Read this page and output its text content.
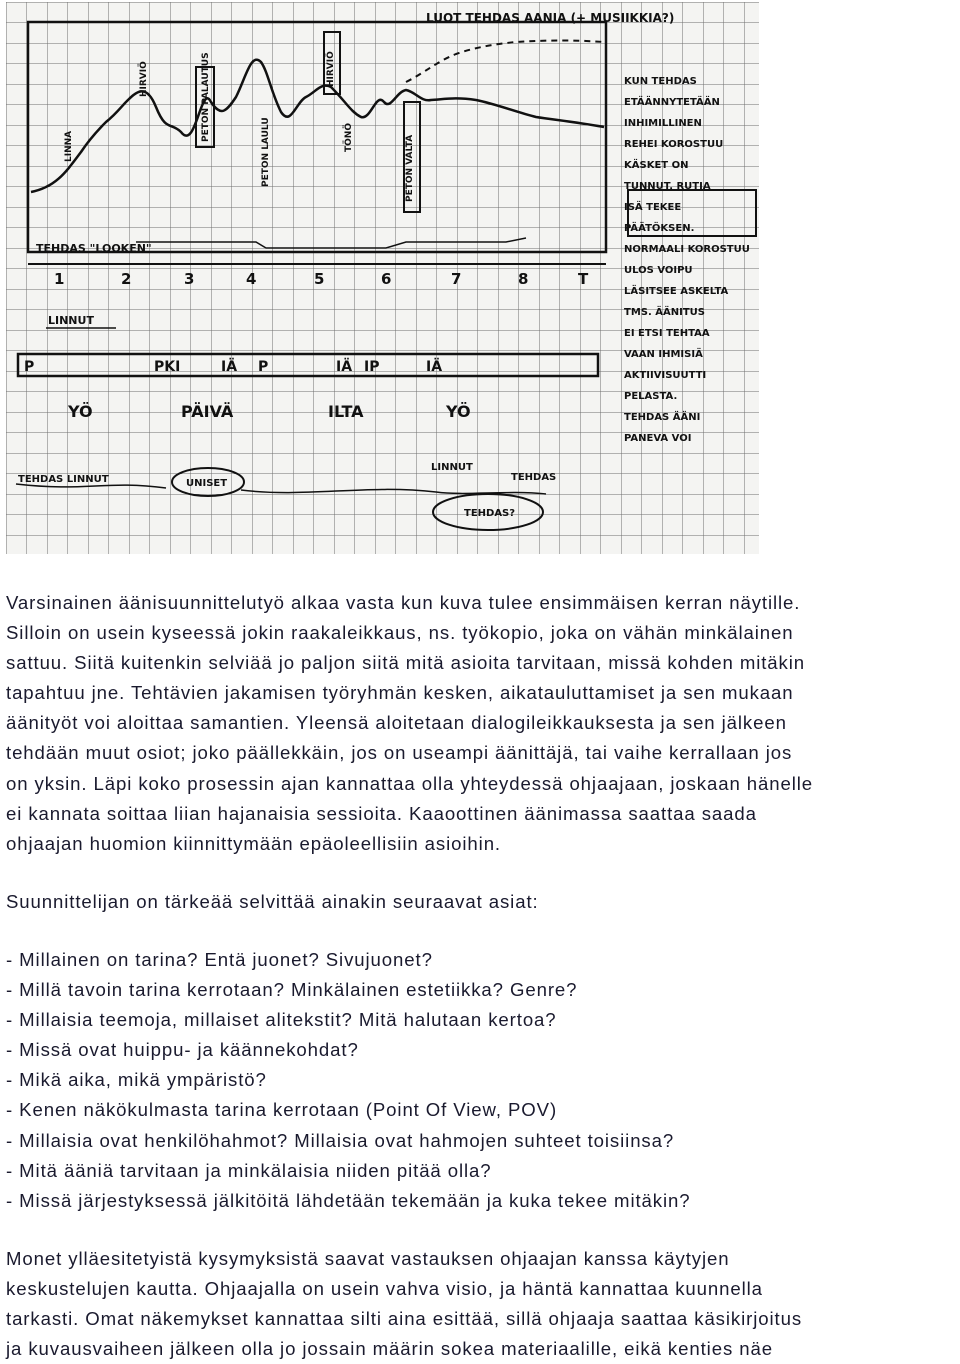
LUOT TEHDAS AANIA (+ MUSIIKKIA?)
LINNA
HIRVIÖ	PETON PALAUTUS
PETON LAULU
HIRVIÖ
TÖNÖ	PETON VALTA
TEHDAS "LOOKEN"
1	2	3	4	5	6	7	8	T
LINNUT
P	PKI	IÄ P	IÄ IP	IÄ
YÖ	PÄIVÄ	ILTA	YÖ
TEHDAS LINNUT	UNISET
LINNUT
TEHDAS
TEHDAS?
KUN TEHDAS
ETÄÄNNYTETÄÄN
INHIMILLINEN
REHEI KOROSTUU
KÄSKET ON
TUNNUT, RUTIA
ISÄ TEKEE
PÄÄTÖKSEN.
NORMAALI KOROSTUU
ULOS VOIPU
LÄSITSEE ASKELTA
TMS. ÄÄNITUS
EI ETSI TEHTAA
VAAN IHMISIÄ
AKTIIVISUUTTI
PELASTA.
TEHDAS ÄÄNI
PANEVA VOI

Varsinainen äänisuunnittelutyö alkaa vasta kun kuva tulee ensimmäisen kerran näytille.
Silloin on usein kyseessä jokin raakaleikkaus, ns. työkopio, joka on vähän minkälainen
sattuu. Siitä kuitenkin selviää jo paljon siitä mitä asioita tarvitaan, missä kohden mitäkin
tapahtuu jne. Tehtävien jakamisen työryhmän kesken, aikatauluttamiset ja sen mukaan
äänityöt voi aloittaa samantien. Yleensä aloitetaan dialogileikkauksesta ja sen jälkeen
tehdään muut osiot; joko päällekkäin, jos on useampi äänittäjä, tai vaihe kerrallaan jos
on yksin. Läpi koko prosessin ajan kannattaa olla yhteydessä ohjaajaan, joskaan hänelle
ei kannata soittaa liian hajanaisia sessioita. Kaaoottinen äänimassa saattaa saada
ohjaajan huomion kiinnittymään epäoleellisiin asioihin.

Suunnittelijan on tärkeää selvittää ainakin seuraavat asiat:

- Millainen on tarina? Entä juonet? Sivujuonet?
- Millä tavoin tarina kerrotaan? Minkälainen estetiikka? Genre?
- Millaisia teemoja, millaiset alitekstit? Mitä halutaan kertoa?
- Missä ovat huippu- ja käännekohdat?
- Mikä aika, mikä ympäristö?
- Kenen näkökulmasta tarina kerrotaan (Point Of View, POV)
- Millaisia ovat henkilöhahmot? Millaisia ovat hahmojen suhteet toisiinsa?
- Mitä ääniä tarvitaan ja minkälaisia niiden pitää olla?
- Missä järjestyksessä jälkitöitä lähdetään tekemään ja kuka tekee mitäkin?

Monet ylläesitetyistä kysymyksistä saavat vastauksen ohjaajan kanssa käytyjen
keskustelujen kautta. Ohjaajalla on usein vahva visio, ja häntä kannattaa kuunnella
tarkasti. Omat näkemykset kannattaa silti aina esittää, sillä ohjaaja saattaa käsikirjoitus
ja kuvausvaiheen jälkeen olla jo jossain määrin sokea materiaalille, eikä kenties näe
